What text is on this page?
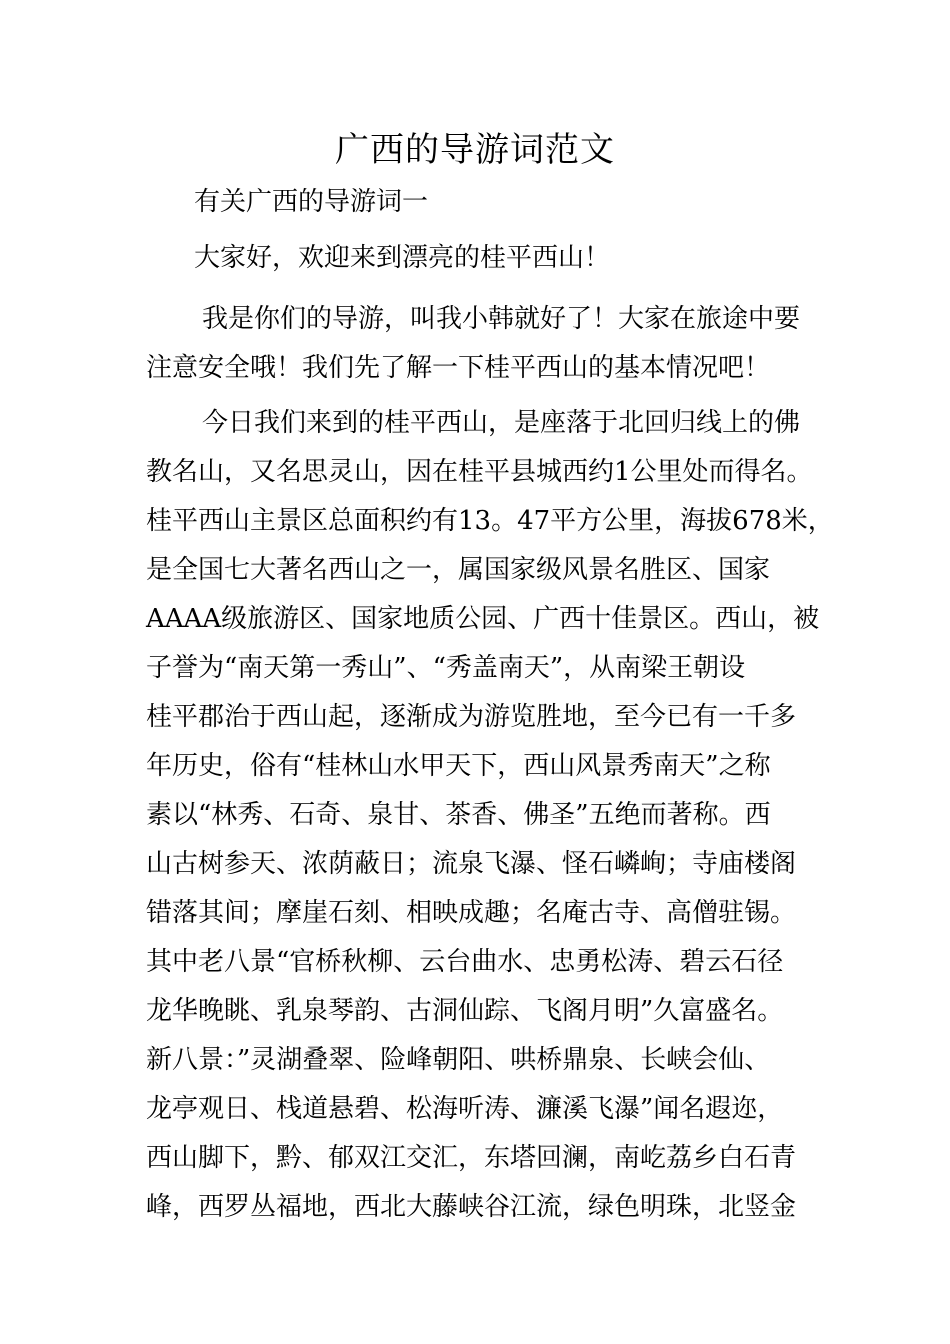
广西的导游词范文

有关广西的导游词一

大家好，欢迎来到漂亮的桂平西山！

我是你们的导游，叫我小韩就好了！大家在旅途中要
注意安全哦！我们先了解一下桂平西山的基本情况吧！
今日我们来到的桂平西山，是座落于北回归线上的佛
教名山，又名思灵山，因在桂平县城西约1公里处而得名。
桂平西山主景区总面积约有13。47平方公里，海拔678米，
是全国七大著名西山之一，属国家级风景名胜区、国家
AAAA级旅游区、国家地质公园、广西十佳景区。西山，被
子誉为“南天第一秀山”、“秀盖南天”，从南梁王朝设
桂平郡治于西山起，逐渐成为游览胜地，至今已有一千多
年历史，俗有“桂林山水甲天下，西山风景秀南天”之称
素以“林秀、石奇、泉甘、茶香、佛圣”五绝而著称。西
山古树参天、浓荫蔽日；流泉飞瀑、怪石嶙峋；寺庙楼阁
错落其间；摩崖石刻、相映成趣；名庵古寺、高僧驻锡。
其中老八景“官桥秋柳、云台曲水、忠勇松涛、碧云石径
龙华晚眺、乳泉琴韵、古洞仙踪、飞阁月明”久富盛名。
新八景：”灵湖叠翠、险峰朝阳、哄桥鼎泉、长峡会仙、
龙亭观日、栈道悬碧、松海听涛、濂溪飞瀑”闻名遐迩，
西山脚下，黔、郁双江交汇，东塔回澜，南屹荔乡白石青
峰，西罗丛福地，西北大藤峡谷江流，绿色明珠，北竖金
